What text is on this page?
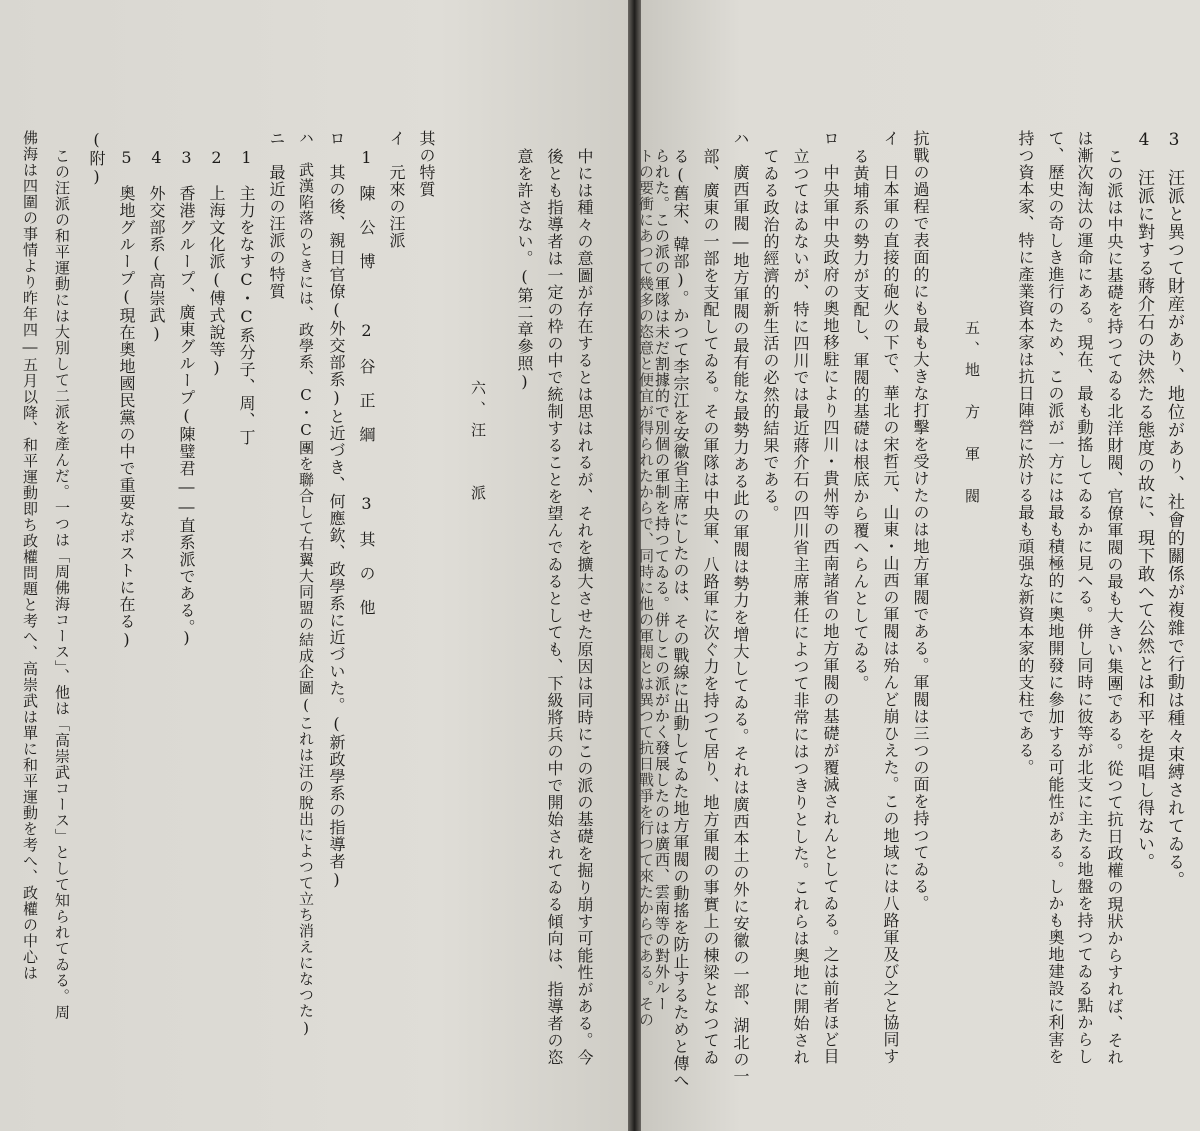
3　汪派と異つて財産があり、地位があり、社會的關係が複雜で行動は種々束縛されてゐる。
4　汪派に對する蔣介石の決然たる態度の故に、現下敢へて公然とは和平を提唱し得ない。
この派は中央に基礎を持つてゐる北洋財閥、官僚軍閥の最も大きい集團である。從つて抗日政權の現狀からすれば、それ
は漸次淘汰の運命にある。現在、最も動搖してゐるかに見へる。併し同時に彼等が北支に主たる地盤を持つてゐる點からし
て、歷史の奇しき進行のため、この派が一方には最も積極的に奧地開發に參加する可能性がある。しかも奧地建設に利害を
持つ資本家、特に產業資本家は抗日陣營に於ける最も頑强な新資本家的支柱である。
五、地　方　軍　閥
抗戰の過程で表面的にも最も大きな打擊を受けたのは地方軍閥である。軍閥は三つの面を持つてゐる。
イ　日本軍の直接的砲火の下で、華北の宋哲元、山東・山西の軍閥は殆んど崩ひえた。この地域には八路軍及び之と協同す
る黃埔系の勢力が支配し、軍閥的基礎は根底から覆へらんとしてゐる。
ロ　中央軍中央政府の奧地移駐により四川・貴州等の西南諸省の地方軍閥の基礎が覆滅されんとしてゐる。之は前者ほど目
立つてはゐないが、特に四川では最近蔣介石の四川省主席兼任によつて非常にはつきりとした。これらは奧地に開始され
てゐる政治的經濟的新生活の必然的結果である。
ハ　廣西軍閥―地方軍閥の最有能な最勢力ある此の軍閥は勢力を增大してゐる。それは廣西本土の外に安徽の一部、湖北の一
部、廣東の一部を支配してゐる。その軍隊は中央軍、八路軍に次ぐ力を持つて居り、地方軍閥の事實上の棟梁となつてゐ
る(舊宋、韓部)。かつて李宗江を安徽省主席にしたのは、その戰線に出動してゐた地方軍閥の動搖を防止するためと傳へ
られた。この派の軍隊は未だ割據的で別個の軍制を持つてゐる。併しこの派がかく發展したのは廣西、雲南等の對外ルー
トの要衝にあつて幾多の恣意と便宜が得られたからで、同時に他の軍閥とは異つて抗日戰爭を行つて來たからである。その
中には種々の意圖が存在するとは思はれるが、それを擴大させた原因は同時にこの派の基礎を掘り崩す可能性がある。今
後とも指導者は一定の枠の中で統制することを望んでゐるとしても、下級將兵の中で開始されてゐる傾向は、指導者の恣
意を許さない。(第二章參照)
六、汪　　派
其の特質
イ　元來の汪派
1　陳　公　博　　　2　谷　正　綱　　　3　其　の　他
ロ　其の後、親日官僚(外交部系)と近づき、何應欽、政學系に近づいた。(新政學系の指導者)
ハ　武漢陷落のときには、政學系、C・C團を聯合して右翼大同盟の結成企圖(これは汪の脫出によつて立ち消えになつた)
ニ　最近の汪派の特質
1　主力をなすC・C系分子、周、丁
2　上海文化派(傅式說等)
3　香港グループ、廣東グループ(陳璧君――直系派である。)
4　外交部系(高崇武)
5　奧地グループ(現在奧地國民黨の中で重要なポストに在る)
(附)
この汪派の和平運動には大別して二派を產んだ。一つは「周佛海コース」、他は「高崇武コース」として知られてゐる。周
佛海は四圍の事情より昨年四―五月以降、和平運動即ち政權問題と考へ、高崇武は單に和平運動を考へ、政權の中心は
